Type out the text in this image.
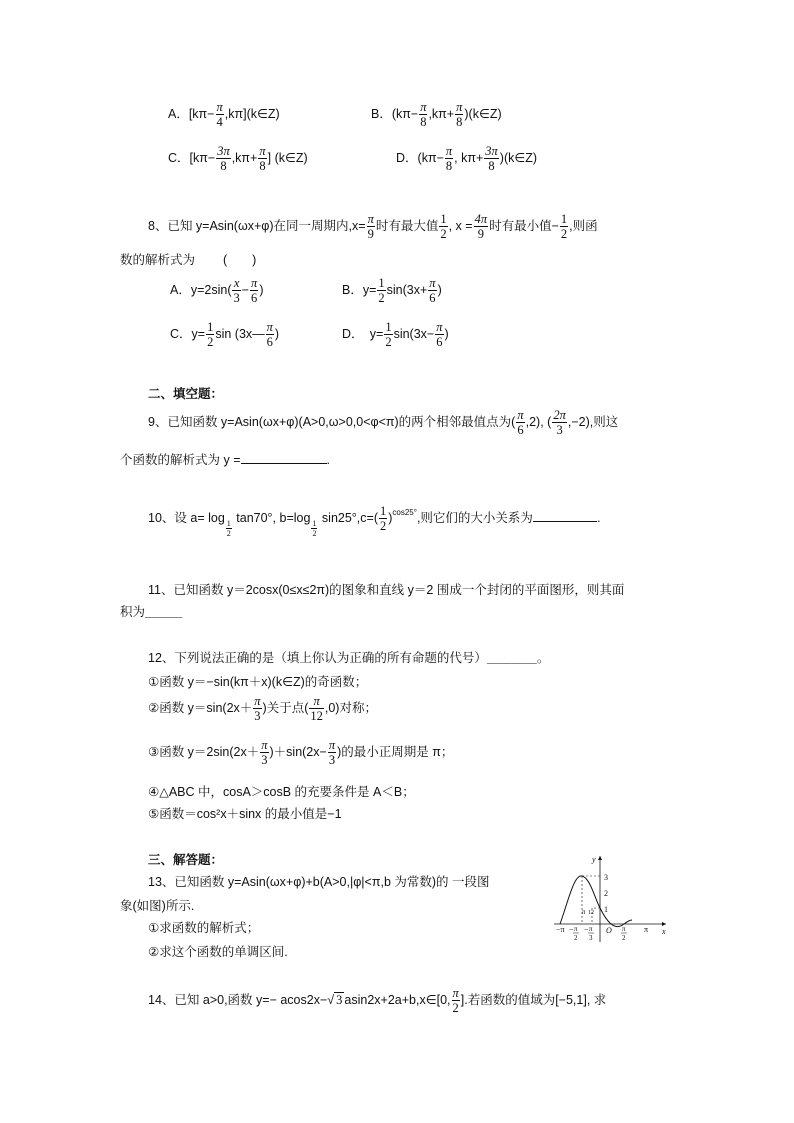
A．[$k\pi- \frac{\pi}{4}$ ,kπ](k∈Z)	B．($k\pi- \frac{\pi}{8} ,k\pi+ \frac{\pi}{8}$ )(k∈Z)
C．[$k\pi- \frac{3\pi}{8} ,k\pi+ \frac{\pi}{8}$ ] (k∈Z)	D．($k\pi- \frac{\pi}{8}$ , $k\pi+ \frac{3\pi}{8}$ )(k∈Z)
8、已知 y=Asin(ωx+φ)在同一周期内$,x= \frac{\pi}{9}$ 时有最大值 $\frac{1}{2}$ , $x = \frac{4\pi}{9}$ 时有最小值− $\frac{1}{2}$ ,则函
数的解析式为 (　　)
A．$y=2\sin( \frac{x}{3} - \frac{\pi}{6}$ )	B．$y= \frac{1}{2} \sin(3x+ \frac{\pi}{6}$ )
C．$y= \frac{1}{2}$ sin (3x— $\frac{\pi}{6}$ )	D．　$y= \frac{1}{2} \sin(3x- \frac{\pi}{6}$ )
二、填空题：
9、已知函数 y=Asin(ωx+φ)(A>0,ω>0,0<φ<π)的两个相邻最值点为( $\frac{\pi}{6} ,2$), ( $\frac{2\pi}{3} ,-2$),则这
个函数的解析式为 y =	.
10、设 a= log
$\frac{1}{2}$
tan70°, b=log
$\frac{1}{2}$
$\sin 25^\circ,c=( \frac{1}{2} )^{cos25^\circ}$,则它们的大小关系为	.
11、已知函数 y＝2cosx(0≤x≤2π)的图象和直线 y＝2 围成一个封闭的平面图形，则其面
积为＿＿＿
12、下列说法正确的是（填上你认为正确的所有命题的代号）＿＿＿＿。
①函数 y＝−sin(kπ＋x)(k∈Z)的奇函数；
②函数 $y=\sin(2x+ \frac{\pi}{3}$ )关于点( $\frac{\pi}{12} ,0$)对称；
③函数 $y=2\sin(2x+ \frac{\pi}{3} )+\sin(2x- \frac{\pi}{3}$ )的最小正周期是 π；
④△ABC 中，cosA＞cosB 的充要条件是 A＜B；
⑤函数＝cos²x＋sinx 的最小值是−1
三、解答题：
13、已知函数 y=Asin(ωx+φ)+b(A>0,|φ|<π,b 为常数)的 一段图
象(如图)所示.
①求函数的解析式；
②求这个函数的单调区间.
y
x
3
2
1
π 12
−π − π
2
− π
3
O π
2
π
14、已知 a>0,函数 y=− acos2x−√ 3 asin2x+2a+b,x∈[0, $\frac{\pi}{2}$ ].若函数的值域为[−5,1], 求
